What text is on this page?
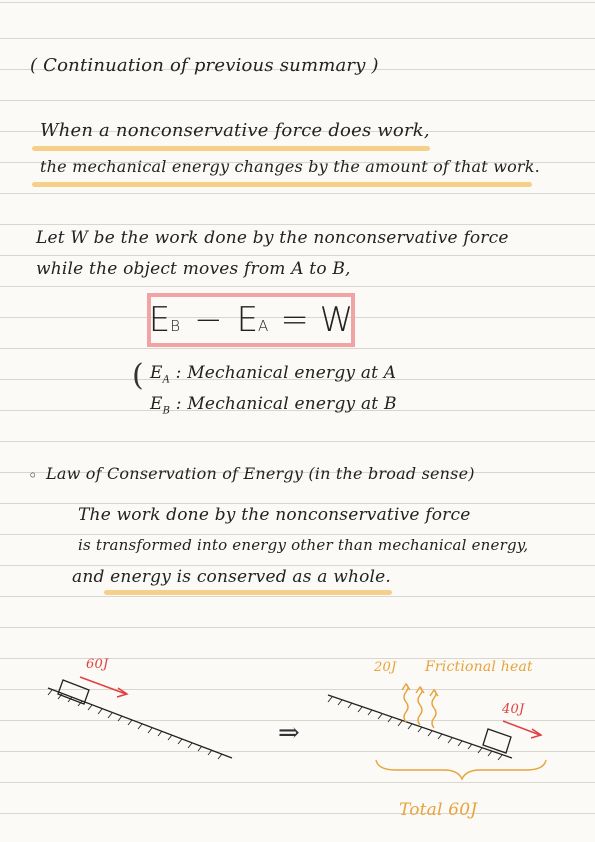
( Continuation of previous summary )
When a nonconservative force does work,
the mechanical energy changes by the amount of that work.
Let W be the work done by the nonconservative force
while the object moves from A to B,
$E_B - E_A = W$
( $E_A$ : Mechanical energy at A
$E_B$ : Mechanical energy at B
◦ Law of Conservation of Energy (in the broad sense)
The work done by the nonconservative force
is transformed into energy other than mechanical energy,
and energy is conserved as a whole.
60J
⇒
20J Frictional heat
40J
Total 60J
